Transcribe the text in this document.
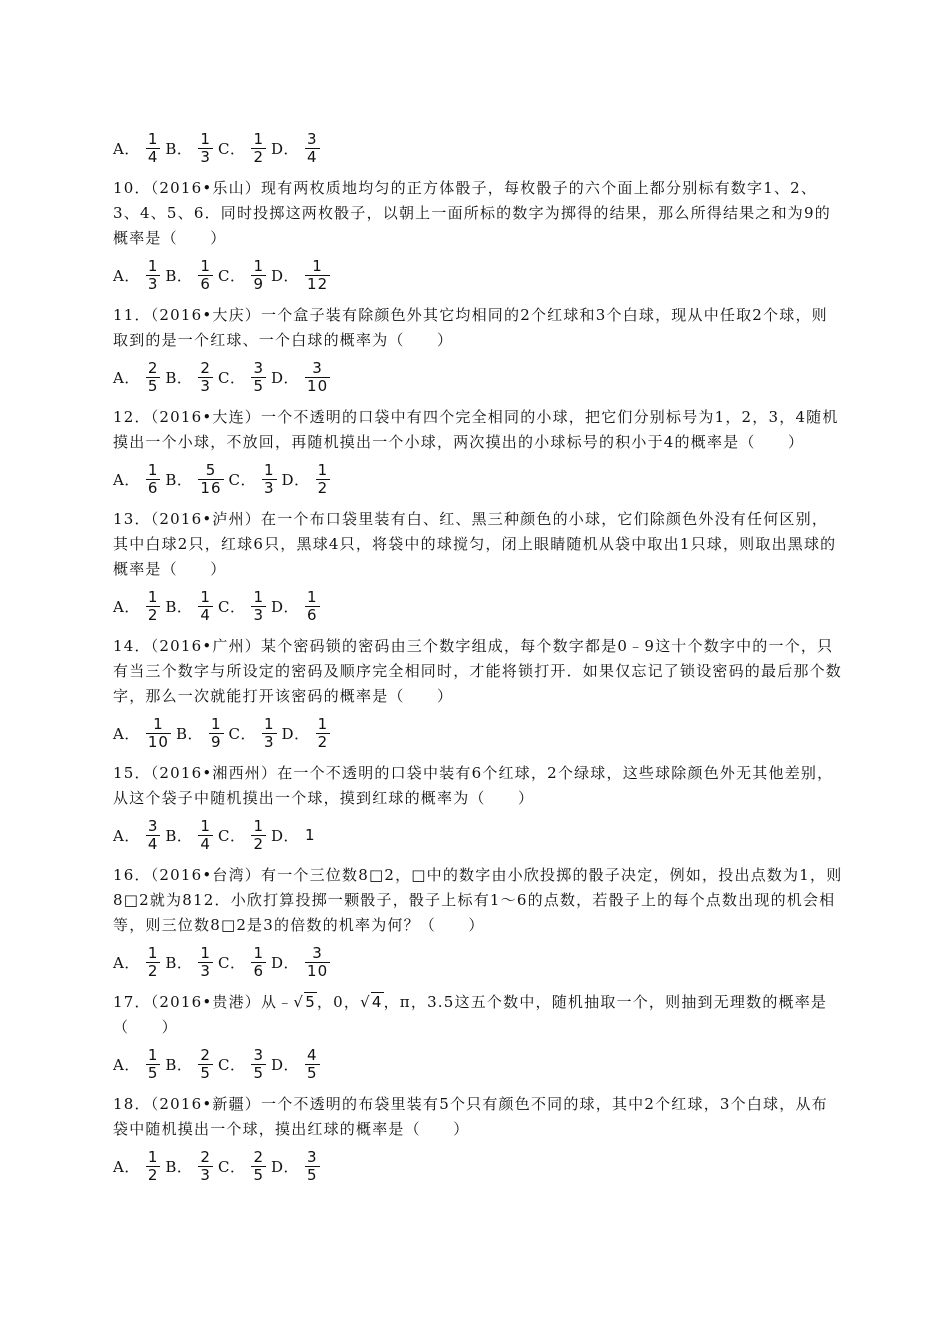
A． $\frac{1}{4}$ B． $\frac{1}{3}$ C． $\frac{1}{2}$ D． $\frac{3}{4}$

10．（2016•乐山）现有两枚质地均匀的正方体骰子，每枚骰子的六个面上都分别标有数字1、2、3、4、5、6．同时投掷这两枚骰子，以朝上一面所标的数字为掷得的结果，那么所得结果之和为9的概率是（　　）

A． $\frac{1}{3}$ B． $\frac{1}{6}$ C． $\frac{1}{9}$ D． $\frac{1}{12}$

11．（2016•大庆）一个盒子装有除颜色外其它均相同的2个红球和3个白球，现从中任取2个球，则取到的是一个红球、一个白球的概率为（　　）

A． $\frac{2}{5}$ B． $\frac{2}{3}$ C． $\frac{3}{5}$ D． $\frac{3}{10}$

12．（2016•大连）一个不透明的口袋中有四个完全相同的小球，把它们分别标号为1，2，3，4随机摸出一个小球，不放回，再随机摸出一个小球，两次摸出的小球标号的积小于4的概率是（　　）

A． $\frac{1}{6}$ B． $\frac{5}{16}$ C． $\frac{1}{3}$ D． $\frac{1}{2}$

13．（2016•泸州）在一个布口袋里装有白、红、黑三种颜色的小球，它们除颜色外没有任何区别，其中白球2只，红球6只，黑球4只，将袋中的球搅匀，闭上眼睛随机从袋中取出1只球，则取出黑球的概率是（　　）

A． $\frac{1}{2}$ B． $\frac{1}{4}$ C． $\frac{1}{3}$ D． $\frac{1}{6}$

14．（2016•广州）某个密码锁的密码由三个数字组成，每个数字都是0﹣9这十个数字中的一个，只有当三个数字与所设定的密码及顺序完全相同时，才能将锁打开．如果仅忘记了锁设密码的最后那个数字，那么一次就能打开该密码的概率是（　　）

A． $\frac{1}{10}$ B． $\frac{1}{9}$ C． $\frac{1}{3}$ D． $\frac{1}{2}$

15．（2016•湘西州）在一个不透明的口袋中装有6个红球，2个绿球，这些球除颜色外无其他差别，从这个袋子中随机摸出一个球，摸到红球的概率为（　　）

A． $\frac{3}{4}$ B． $\frac{1}{4}$ C． $\frac{1}{2}$ D． 1

16．（2016•台湾）有一个三位数8□2，□中的数字由小欣投掷的骰子决定，例如，投出点数为1，则8□2就为812．小欣打算投掷一颗骰子，骰子上标有1～6的点数，若骰子上的每个点数出现的机会相等，则三位数8□2是3的倍数的机率为何？（　　）

A． $\frac{1}{2}$ B． $\frac{1}{3}$ C． $\frac{1}{6}$ D． $\frac{3}{10}$

17．（2016•贵港）从﹣√5，0，√4，π，3.5这五个数中，随机抽取一个，则抽到无理数的概率是（　　）

A． $\frac{1}{5}$ B． $\frac{2}{5}$ C． $\frac{3}{5}$ D． $\frac{4}{5}$

18．（2016•新疆）一个不透明的布袋里装有5个只有颜色不同的球，其中2个红球，3个白球，从布袋中随机摸出一个球，摸出红球的概率是（　　）

A． $\frac{1}{2}$ B． $\frac{2}{3}$ C． $\frac{2}{5}$ D． $\frac{3}{5}$
